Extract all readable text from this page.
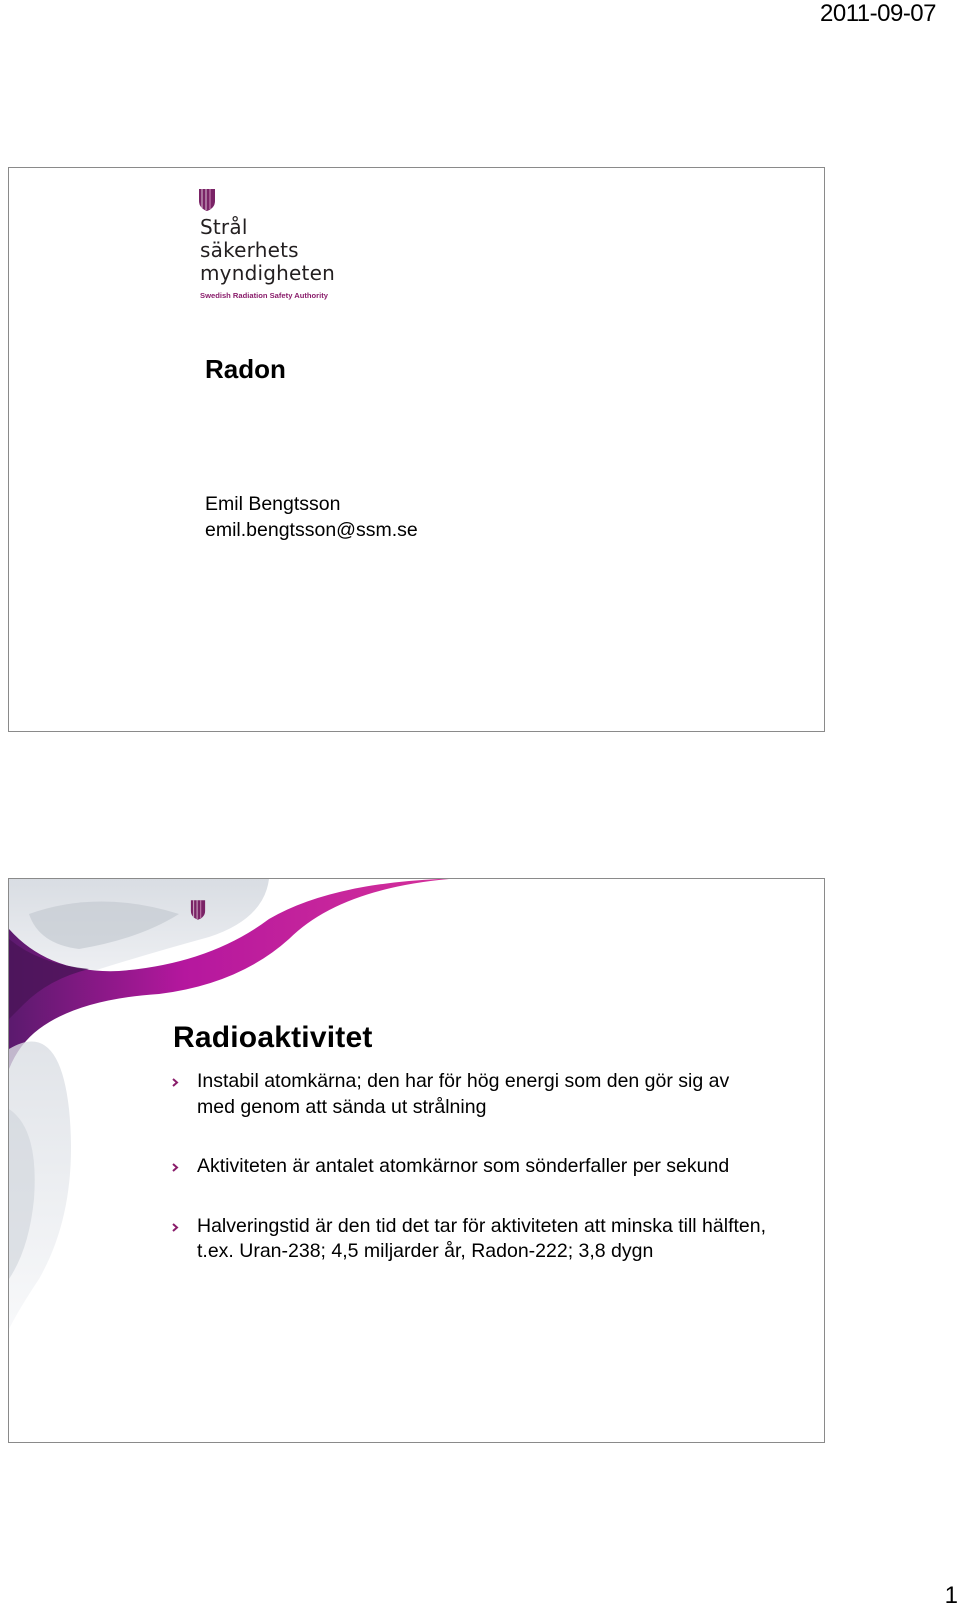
2011-09-07
Strål
säkerhets
myndigheten
Swedish Radiation Safety Authority
Radon
Emil Bengtsson
emil.bengtsson@ssm.se
Radioaktivitet
Instabil atomkärna; den har för hög energi som den gör sig av med genom att sända ut strålning
Aktiviteten är antalet atomkärnor som sönderfaller per sekund
Halveringstid är den tid det tar för aktiviteten att minska till hälften, t.ex. Uran-238; 4,5 miljarder år, Radon-222; 3,8 dygn
1
